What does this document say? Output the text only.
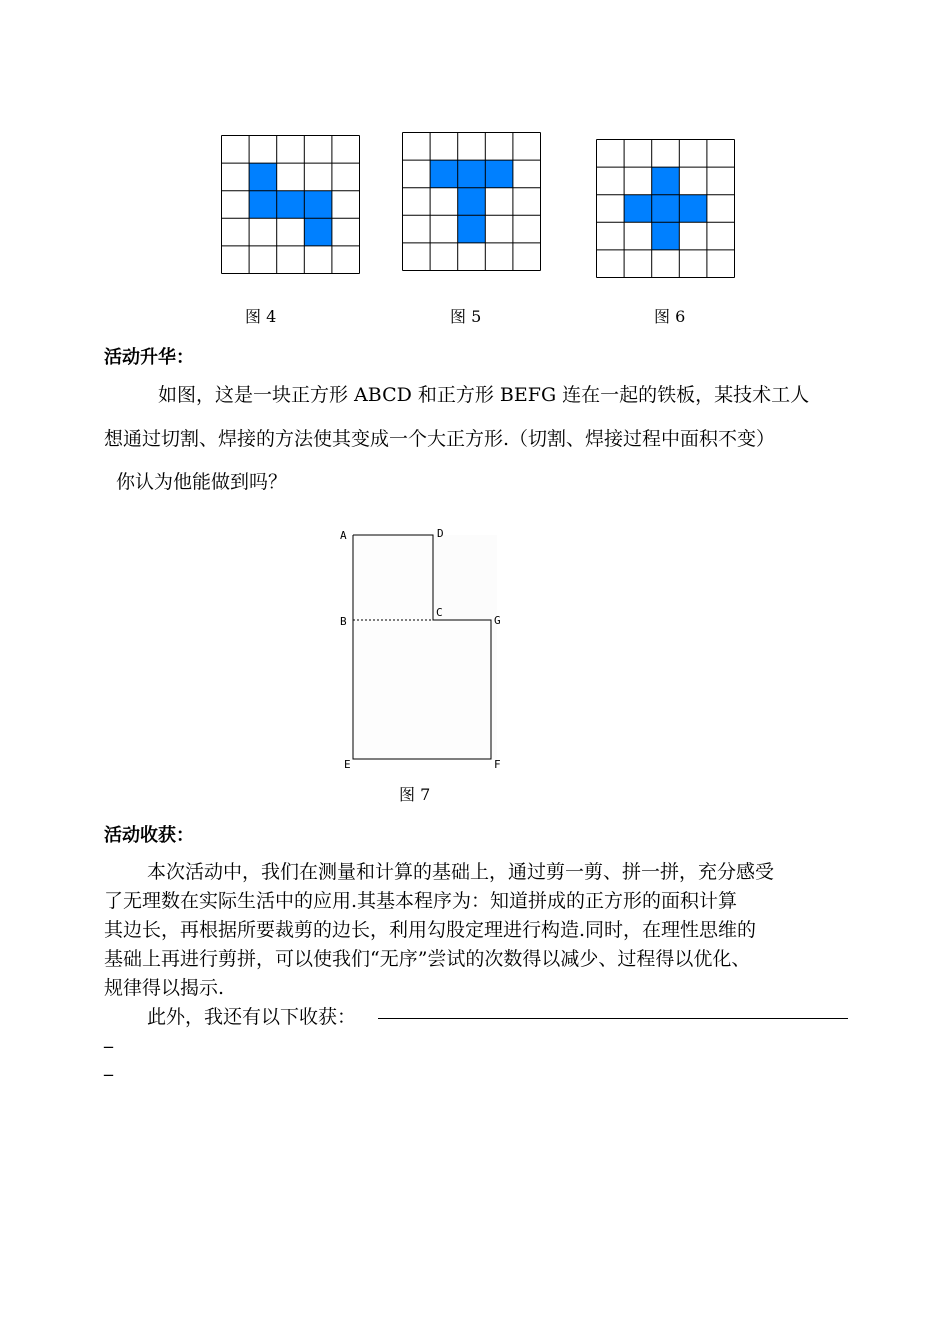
图 4	图 5	图 6
活动升华：
如图，这是一块正方形 ABCD 和正方形 BEFG 连在一起的铁板，某技术工人
想通过切割、焊接的方法使其变成一个大正方形.（切割、焊接过程中面积不变）
你认为他能做到吗？
A	D
B
C
G
E	F
图 7
活动收获：
本次活动中，我们在测量和计算的基础上，通过剪一剪、拼一拼，充分感受
了无理数在实际生活中的应用.其基本程序为：知道拼成的正方形的面积计算
其边长，再根据所要裁剪的边长，利用勾股定理进行构造.同时，在理性思维的
基础上再进行剪拼，可以使我们“无序”尝试的次数得以减少、过程得以优化、
规律得以揭示.
此外，我还有以下收获：
_
_
